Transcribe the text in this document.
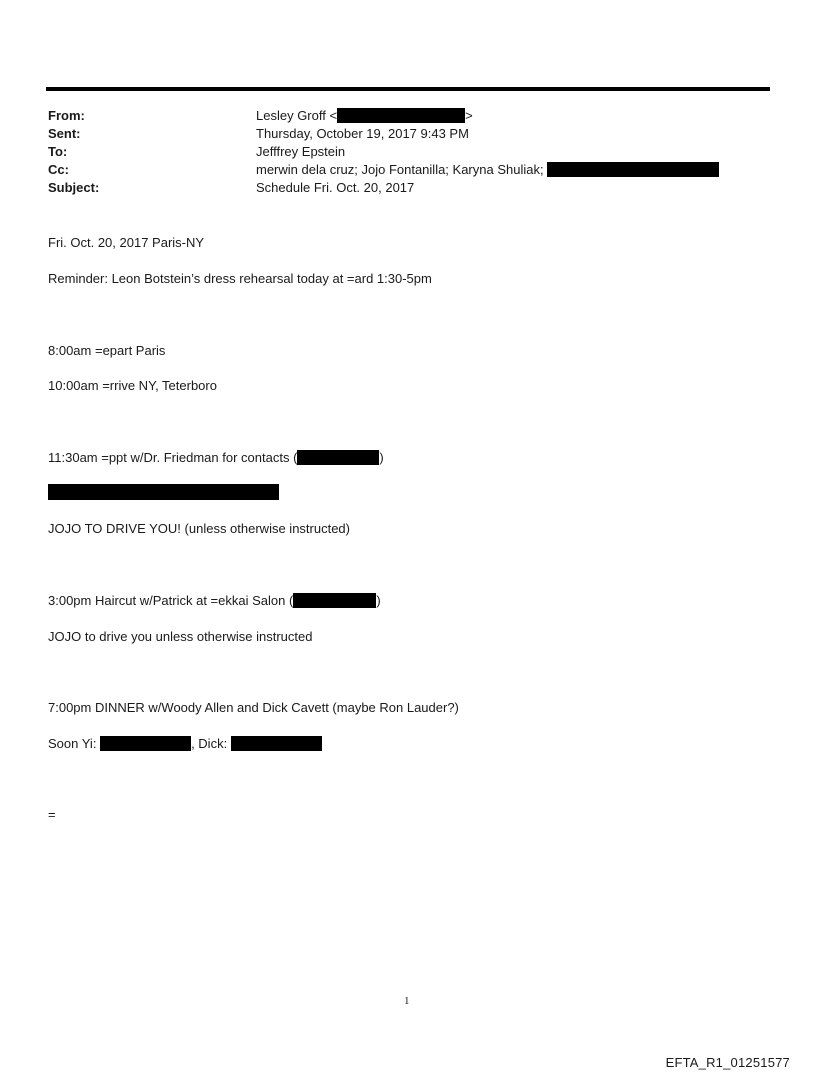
From:	Lesley Groff <	>
Sent:	Thursday, October 19, 2017 9:43 PM
To:	Jefffrey Epstein
Cc:	merwin dela cruz; Jojo Fontanilla; Karyna Shuliak;
Subject:	Schedule Fri. Oct. 20, 2017
Fri. Oct. 20, 2017 Paris-NY
Reminder: Leon Botstein’s dress rehearsal today at =ard 1:30-5pm
8:00am =epart Paris
10:00am =rrive NY, Teterboro
11:30am =ppt w/Dr. Friedman for contacts (	)
JOJO TO DRIVE YOU! (unless otherwise instructed)
3:00pm Haircut w/Patrick at =ekkai Salon (	)
JOJO to drive you unless otherwise instructed
7:00pm DINNER w/Woody Allen and Dick Cavett (maybe Ron Lauder?)
Soon Yi:	, Dick:
=
1
EFTA_R1_01251577
